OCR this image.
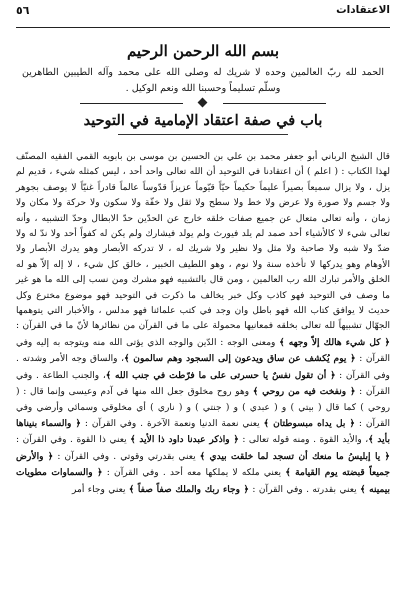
الاعتقادات
٥٦
بسم الله الرحمن الرحيم
الحمد لله ربّ العالمين وحده لا شريك له وصلى الله على محمد وآله الطيبين الطاهرين وسلّم تسليماً وحسبنا الله ونعم الوكيل .
باب في صفة اعتقاد الإمامية في التوحيد
قال الشيخ الرباني أبو جعفر محمد بن علي بن الحسين بن موسى بن بابويه القمي الفقيه المصنّف لهذا الكتاب : ( اعلم ) أن اعتقادنا في التوحيد أن الله تعالى واحد أحد ، ليس كمثله شيء ، قديم لم يزل ، ولا يزال سميعاً بصيراً عليماً حكيماً حيّاً قيّوماً عزيزاً قدّوساً عالماً قادراً غنيّاً لا يوصف بجوهر ولا جسم ولا صورة ولا عرض ولا خط ولا سطح ولا ثقل ولا خفّة ولا سكون ولا حركة ولا مكان ولا زمان ، وأنه تعالى متعال عن جميع صفات خلقه خارج عن الحدّين حدّ الابطال وحدّ التشبيه ، وأنه تعالى شيء لا كالأشياء أحد صمد لم يلد فيورث ولم يولد فيشارك ولم يكن له كفواً أحد ولا ندّ له ولا ضدّ ولا شبه ولا صاحبة ولا مثل ولا نظير ولا شريك له ، لا تدركه الأبصار وهو يدرك الأبصار ولا الأوهام وهو يدركها لا تأخذه سنة ولا نوم ، وهو اللطيف الخبير ، خالق كل شيء ، لا إله إلاّ هو له الخلق والأمر تبارك الله رب العالمين ، ومن قال بالتشبيه فهو مشرك ومن نسب إلى الله ما هو غير ما وصف في التوحيد فهو كاذب وكل خبر يخالف ما ذكرت في التوحيد فهو موضوع مخترع وكل حديث لا يوافق كتاب الله فهو باطل وان وجد في كتب علمائنا فهو مدلس ، والأخبار التي يتوهمها الجهّال تشبيهاً لله تعالى بخلقه فمعانيها محمولة على ما في القرآن من نظائرها لأنّ ما في القرآن : ﴿ كل شيء هالك إلاّ وجهه ﴾ ومعنى الوجه : الدّين والوجه الذي يؤتى الله منه ويتوجه به إليه وفي القرآن : ﴿ يوم يُكشف عن ساق ويدعون إلى السجود وهم سالمون ﴾، والساق وجه الأمر وشدته . وفي القرآن : ﴿ أن تقول نفسٌ يا حسرتى على ما فرّطت في جنب الله ﴾، والجنب الطاعة . وفي القرآن : ﴿ ونفخت فيه من روحي ﴾ وهو روح مخلوق جعل الله منها في آدم وعيسى وإنما قال : ( روحي ) كما قال ( بيتي ) و ( عبدي ) و ( جنتي ) و ( ناري ) أي مخلوقي وسمائي وأرضي وفي القرآن : ﴿ بل يداه مبسوطتان ﴾ يعني نعمة الدنيا ونعمة الآخرة . وفي القرآن : ﴿ والسماء بنيناها بأيد ﴾، والأيد القوة . ومنه قوله تعالى : ﴿ واذكر عبدنا داود ذا الأيد ﴾ يعني ذا القوة . وفي القرآن : ﴿ يا إبليسُ ما منعك أن تسجد لما خلقت بيدي ﴾ يعني بقدرتي وقوتي . وفي القرآن : ﴿ والأرض جميعاً قبضته يوم القيامة ﴾ يعني ملكه لا يملكها معه أحد . وفي القرآن : ﴿ والسماوات مطويات بيمينه ﴾ يعني بقدرته . وفي القرآن : ﴿ وجاء ربك والملك صفاً صفاً ﴾ يعني وجاء أمر
